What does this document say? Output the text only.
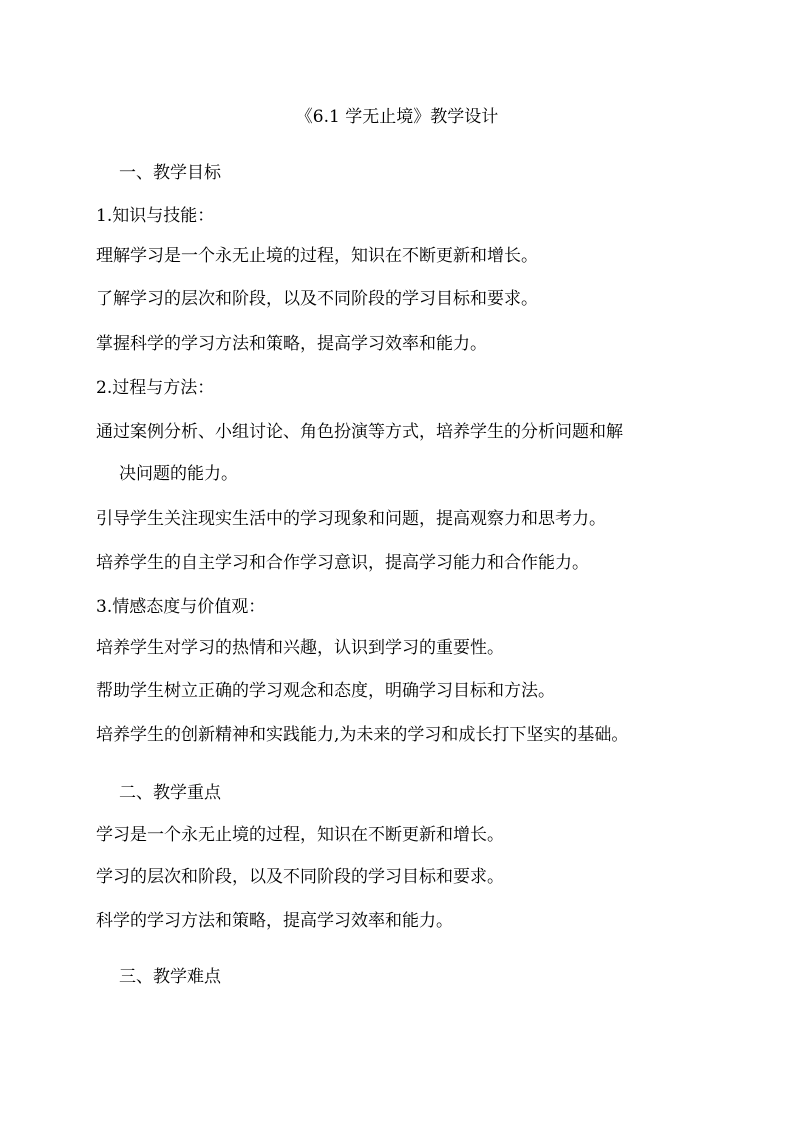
《6.1 学无止境》教学设计
一、教学目标
1.知识与技能：
理解学习是一个永无止境的过程，知识在不断更新和增长。
了解学习的层次和阶段，以及不同阶段的学习目标和要求。
掌握科学的学习方法和策略，提高学习效率和能力。
2.过程与方法：
通过案例分析、小组讨论、角色扮演等方式，培养学生的分析问题和解
决问题的能力。
引导学生关注现实生活中的学习现象和问题，提高观察力和思考力。
培养学生的自主学习和合作学习意识，提高学习能力和合作能力。
3.情感态度与价值观：
培养学生对学习的热情和兴趣，认识到学习的重要性。
帮助学生树立正确的学习观念和态度，明确学习目标和方法。
培养学生的创新精神和实践能力,为未来的学习和成长打下坚实的基础。
二、教学重点
学习是一个永无止境的过程，知识在不断更新和增长。
学习的层次和阶段，以及不同阶段的学习目标和要求。
科学的学习方法和策略，提高学习效率和能力。
三、教学难点
